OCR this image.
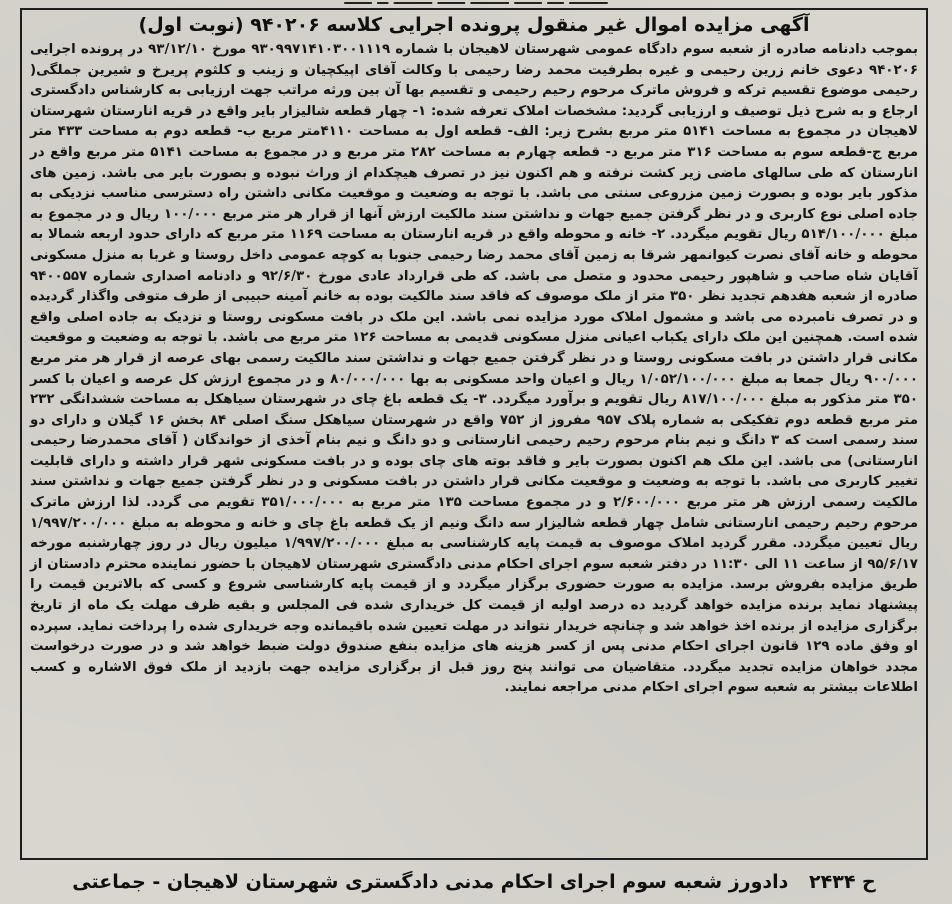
آگهی مزایده اموال غیر منقول پرونده اجرایی کلاسه ۹۴۰۲۰۶ (نوبت اول)

بموجب دادنامه صادره از شعبه سوم دادگاه عمومی شهرستان لاهیجان با شماره ۹۳۰۹۹۷۱۴۱۰۳۰۰۱۱۱۹ مورخ ۹۳/۱۲/۱۰ در پرونده اجرایی ۹۴۰۲۰۶ دعوی خانم زرین رحیمی و غیره بطرفیت محمد رضا رحیمی با وکالت آقای اپیکچیان و زینب و کلثوم پریرخ و شیرین جملگی( رحیمی موضوع تقسیم ترکه و فروش ماترک مرحوم رحیم رحیمی و تقسیم بها آن بین ورثه مراتب جهت ارزیابی به کارشناس دادگستری ارجاع و به شرح ذیل توصیف و ارزیابی گردید: مشخصات املاک تعرفه شده: ۱- چهار قطعه شالیزار بایر واقع در قریه انارستان شهرستان لاهیجان در مجموع به مساحت ۵۱۴۱ متر مربع بشرح زیر: الف- قطعه اول به مساحت ۴۱۱۰متر مربع ب- قطعه دوم به مساحت ۴۳۳ متر مربع ج-قطعه سوم به مساحت ۳۱۶ متر مربع د- قطعه چهارم به مساحت ۲۸۲ متر مربع و در مجموع به مساحت ۵۱۴۱ متر مربع واقع در انارستان که طی سالهای ماضی زیر کشت نرفته و هم اکنون نیز در تصرف هیچکدام از وراث نبوده و بصورت بایر می باشد. زمین های مذکور بایر بوده و بصورت زمین مزروعی سنتی می باشد. با توجه به وضعیت و موقعیت مکانی داشتن راه دسترسی مناسب نزدیکی به جاده اصلی نوع کاربری و در نظر گرفتن جمیع جهات و نداشتن سند مالکیت ارزش آنها از قرار هر متر مربع ۱۰۰/۰۰۰ ریال و در مجموع به مبلغ ۵۱۴/۱۰۰/۰۰۰ ریال تقویم میگردد. ۲- خانه و محوطه واقع در قریه انارستان به مساحت ۱۱۶۹ متر مربع که دارای حدود اربعه شمالا به محوطه و خانه آقای نصرت کیوانمهر شرقا به زمین آقای محمد رضا رحیمی جنوبا به کوچه عمومی داخل روستا و غربا به منزل مسکونی آقایان شاه صاحب و شاهپور رحیمی محدود و متصل می باشد. که طی قرارداد عادی مورخ ۹۲/۶/۳۰ و دادنامه اصداری شماره ۹۴۰۰۵۵۷ صادره از شعبه هفدهم تجدید نظر ۳۵۰ متر از ملک موصوف که فاقد سند مالکیت بوده به خانم آمینه حبیبی از طرف متوفی واگذار گردیده و در تصرف نامبرده می باشد و مشمول املاک مورد مزایده نمی باشد. این ملک در بافت مسکونی روستا و نزدیک به جاده اصلی واقع شده است. همچنین این ملک دارای یکباب اعیانی منزل مسکونی قدیمی به مساحت ۱۲۶ متر مربع می باشد. با توجه به وضعیت و موقعیت مکانی قرار داشتن در بافت مسکونی روستا و در نظر گرفتن جمیع جهات و نداشتن سند مالکیت رسمی بهای عرصه از قرار هر متر مربع ۹۰۰/۰۰۰ ریال جمعا به مبلغ ۱/۰۵۲/۱۰۰/۰۰۰ ریال و اعیان واحد مسکونی به بها ۸۰/۰۰۰/۰۰۰ و در مجموع ارزش کل عرصه و اعیان با کسر ۳۵۰ متر مذکور به مبلغ ۸۱۷/۱۰۰/۰۰۰ ریال تقویم و برآورد میگردد. ۳- یک قطعه باغ چای در شهرستان سیاهکل به مساحت ششدانگی ۲۳۲ متر مربع قطعه دوم تفکیکی به شماره پلاک ۹۵۷ مفروز از ۷۵۲ واقع در شهرستان سیاهکل سنگ اصلی ۸۴ بخش ۱۶ گیلان و دارای دو سند رسمی است که ۳ دانگ و نیم بنام مرحوم رحیم رحیمی انارستانی و دو دانگ و نیم بنام آخذی از خواندگان ( آقای محمدرضا رحیمی انارستانی) می باشد. این ملک هم اکنون بصورت بایر و فاقد بوته های چای بوده و در بافت مسکونی شهر قرار داشته و دارای قابلیت تغییر کاربری می باشد. با توجه به وضعیت و موقعیت مکانی قرار داشتن در بافت مسکونی و در نظر گرفتن جمیع جهات و نداشتن سند مالکیت رسمی ارزش هر متر مربع ۲/۶۰۰/۰۰۰ و در مجموع مساحت ۱۳۵ متر مربع به ۳۵۱/۰۰۰/۰۰۰ تقویم می گردد. لذا ارزش ماترک مرحوم رحیم رحیمی انارستانی شامل چهار قطعه شالیزار سه دانگ ونیم از یک قطعه باغ چای و خانه و محوطه به مبلغ ۱/۹۹۷/۲۰۰/۰۰۰ ریال تعیین میگردد. مقرر گردید املاک موصوف به قیمت پایه کارشناسی به مبلغ ۱/۹۹۷/۲۰۰/۰۰۰ میلیون ریال در روز چهارشنبه مورخه ۹۵/۶/۱۷ از ساعت ۱۱ الی ۱۱:۳۰ در دفتر شعبه سوم اجرای احکام مدنی دادگستری شهرستان لاهیجان با حضور نماینده محترم دادستان از طریق مزایده بفروش برسد. مزایده به صورت حضوری برگزار میگردد و از قیمت پایه کارشناسی شروع و کسی که بالاترین قیمت را پیشنهاد نماید برنده مزایده خواهد گردید ده درصد اولیه از قیمت کل خریداری شده فی المجلس و بقیه ظرف مهلت یک ماه از تاریخ برگزاری مزایده از برنده اخذ خواهد شد و چنانچه خریدار نتواند در مهلت تعیین شده باقیمانده وجه خریداری شده را پرداخت نماید. سپرده او وفق ماده ۱۲۹ قانون اجرای احکام مدنی پس از کسر هزینه های مزایده بنفع صندوق دولت ضبط خواهد شد و در صورت درخواست مجدد خواهان مزایده تجدید میگردد. متقاضیان می توانند پنج روز قبل از برگزاری مزایده جهت بازدید از ملک فوق الاشاره و کسب اطلاعات بیشتر به شعبه سوم اجرای احکام مدنی مراجعه نمایند.

ح ۲۴۳۴ دادورز شعبه سوم اجرای احکام مدنی دادگستری شهرستان لاهیجان - جماعتی
